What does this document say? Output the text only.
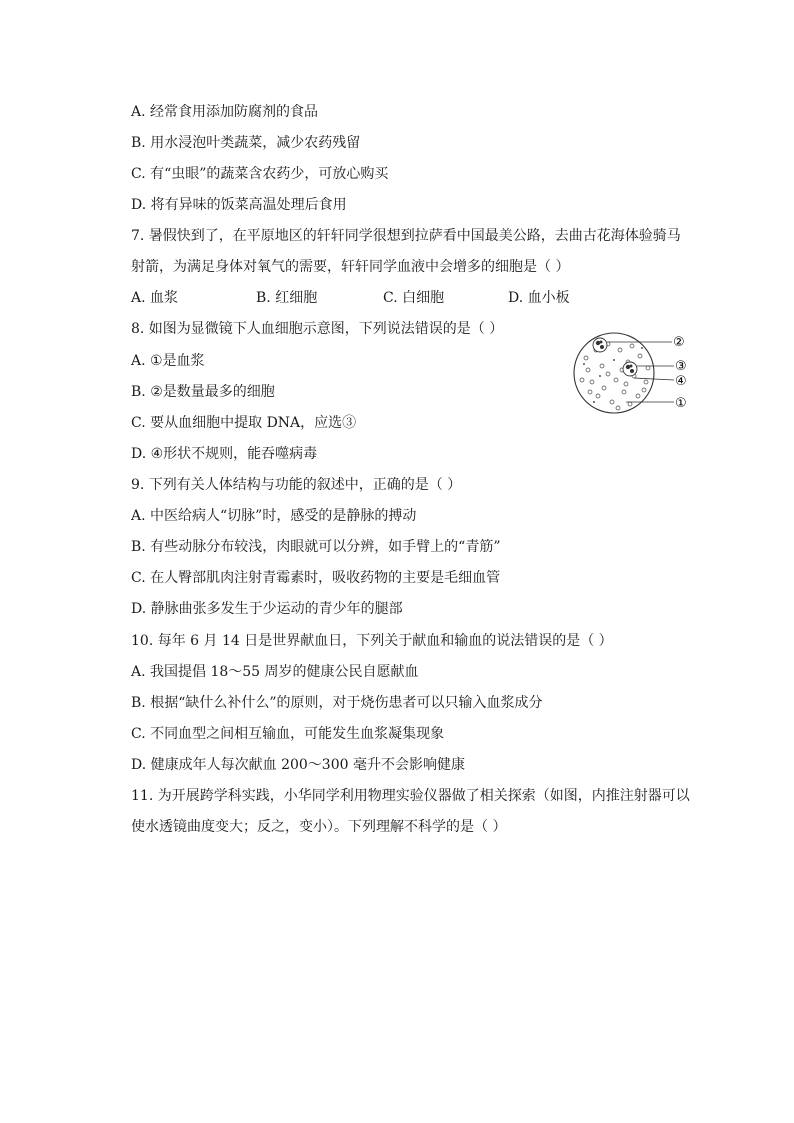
A. 经常食用添加防腐剂的食品
B. 用水浸泡叶类蔬菜，减少农药残留
C. 有“虫眼”的蔬菜含农药少，可放心购买
D. 将有异味的饭菜高温处理后食用
7. 暑假快到了，在平原地区的轩轩同学很想到拉萨看中国最美公路，去曲古花海体验骑马
射箭，为满足身体对氧气的需要，轩轩同学血液中会增多的细胞是（ ）
A. 血浆	B. 红细胞	C. 白细胞	D. 血小板
8. 如图为显微镜下人血细胞示意图，下列说法错误的是（ ）
A. ①是血浆
B. ②是数量最多的细胞
C. 要从血细胞中提取 DNA，应选③
D. ④形状不规则，能吞噬病毒
②
③
④
①
9. 下列有关人体结构与功能的叙述中，正确的是（ ）
A. 中医给病人“切脉”时，感受的是静脉的搏动
B. 有些动脉分布较浅，肉眼就可以分辨，如手臂上的“青筋”
C. 在人臀部肌肉注射青霉素时，吸收药物的主要是毛细血管
D. 静脉曲张多发生于少运动的青少年的腿部
10. 每年 6 月 14 日是世界献血日，下列关于献血和输血的说法错误的是（ ）
A. 我国提倡 18～55 周岁的健康公民自愿献血
B. 根据“缺什么补什么”的原则，对于烧伤患者可以只输入血浆成分
C. 不同血型之间相互输血，可能发生血浆凝集现象
D. 健康成年人每次献血 200～300 毫升不会影响健康
11. 为开展跨学科实践，小华同学利用物理实验仪器做了相关探索（如图，内推注射器可以
使水透镜曲度变大；反之，变小）。下列理解不科学的是（ ）
